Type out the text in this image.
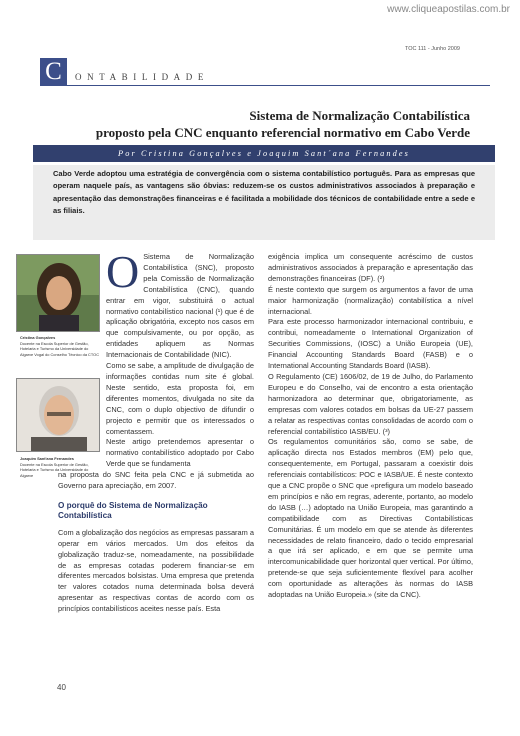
www.cliqueapostilas.com.br
TOC 111 - Junho 2009
C	ONTABILIDADE
Sistema de Normalização Contabilística
proposto pela CNC enquanto referencial normativo em Cabo Verde
Por Cristina Gonçalves e Joaquim Sant´ana Fernandes
Cabo Verde adoptou uma estratégia de convergência com o sistema contabilístico português. Para as empresas que operam naquele país, as vantagens são óbvias: reduzem-se os custos administrativos associados à preparação e apresentação das demonstrações financeiras e é facilitada a mobilidade dos técnicos de contabilidade entre a sede e as filiais.
Cristina Gonçalves
Docente na Escola Superior de Gestão, Hotelaria e Turismo da Universidade do Algarve Vogal do Conselho Técnico da CTOC
Joaquim Sant'ana Fernandes
Docente na Escola Superior de Gestão, Hotelaria e Turismo da Universidade do Algarve

O Sistema de Normalização Contabilística (SNC), proposto pela Comissão de Normalização Contabilística (CNC), quando entrar em vigor, substituirá o actual normativo contabilístico nacional (¹) que é de aplicação obrigatória, excepto nos casos em que compulsivamente, ou por opção, as entidades apliquem as Normas Internacionais de Contabilidade (NIC).

Como se sabe, a amplitude de divulgação de informações contidas num site é global. Neste sentido, esta proposta foi, em diferentes momentos, divulgada no site da CNC, com o duplo objectivo de difundir o projecto e permitir que os interessados o comentassem.

Neste artigo pretendemos apresentar o normativo contabilístico adoptado por Cabo Verde que se fundamenta

na proposta do SNC feita pela CNC e já submetida ao Governo para apreciação, em 2007.

O porquê do Sistema de Normalização Contabilística

Com a globalização dos negócios as empresas passaram a operar em vários mercados. Um dos efeitos da globalização traduz-se, nomeadamente, na possibilidade de as empresas cotadas poderem financiar-se em diferentes mercados bolsistas. Uma empresa que pretenda ter valores cotados numa determinada bolsa deverá apresentar as respectivas contas de acordo com os princípios contabilísticos aceites nesse país. Esta

exigência implica um consequente acréscimo de custos administrativos associados à preparação e apresentação das demonstrações financeiras (DF). (²)

É neste contexto que surgem os argumentos a favor de uma maior harmonização (normalização) contabilística a nível internacional.

Para este processo harmonizador internacional contribuiu, e contribui, nomeadamente o International Organization of Securities Commissions, (IOSC) a União Europeia (UE), Financial Accounting Standards Board (FASB) e o International Accounting Standards Board (IASB).

O Regulamento (CE) 1606/02, de 19 de Julho, do Parlamento Europeu e do Conselho, vai de encontro a esta orientação harmonizadora ao determinar que, obrigatoriamente, as empresas com valores cotados em bolsas da UE-27 passem a relatar as respectivas contas consolidadas de acordo com o referencial contabilístico IASB/EU. (³)

Os regulamentos comunitários são, como se sabe, de aplicação directa nos Estados membros (EM) pelo que, consequentemente, em Portugal, passaram a coexistir dois referenciais contabilísticos: POC e IASB/UE. É neste contexto que a CNC propõe o SNC que «prefigura um modelo baseado em princípios e não em regras, aderente, portanto, ao modelo do IASB (…) adoptado na União Europeia, mas garantindo a compatibilidade com as Directivas Contabilísticas Comunitárias. É um modelo em que se atende às diferentes necessidades de relato financeiro, dado o tecido empresarial a que irá ser aplicado, e em que se permite uma intercomunicabilidade quer horizontal quer vertical. Por último, pretende-se que seja suficientemente flexível para acolher com oportunidade as alterações às normas do IASB adoptadas na União Europeia.» (site da CNC).

40
